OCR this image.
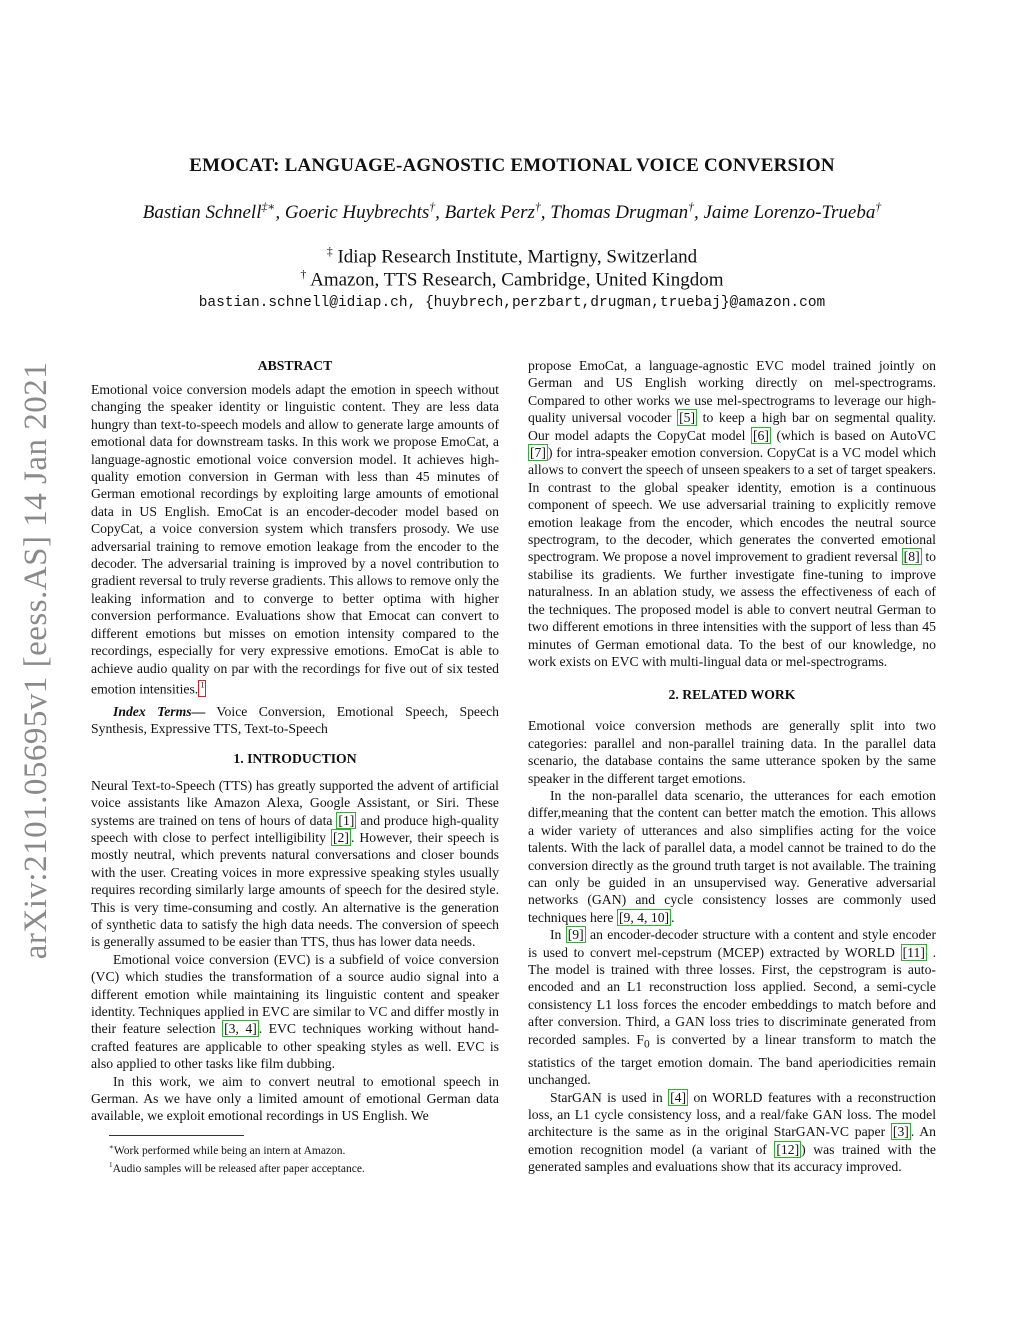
arXiv:2101.05695v1 [eess.AS] 14 Jan 2021
EMOCAT: LANGUAGE-AGNOSTIC EMOTIONAL VOICE CONVERSION
Bastian Schnell‡∗, Goeric Huybrechts†, Bartek Perz†, Thomas Drugman†, Jaime Lorenzo-Trueba†
‡ Idiap Research Institute, Martigny, Switzerland
† Amazon, TTS Research, Cambridge, United Kingdom
bastian.schnell@idiap.ch, {huybrech,perzbart,drugman,truebaj}@amazon.com
ABSTRACT

Emotional voice conversion models adapt the emotion in speech without changing the speaker identity or linguistic content. They are less data hungry than text-to-speech models and allow to generate large amounts of emotional data for downstream tasks. In this work we propose EmoCat, a language-agnostic emotional voice conversion model. It achieves high-quality emotion conversion in German with less than 45 minutes of German emotional recordings by exploiting large amounts of emotional data in US English. EmoCat is an encoder-decoder model based on CopyCat, a voice conversion system which transfers prosody. We use adversarial training to remove emotion leakage from the encoder to the decoder. The adversarial training is improved by a novel contribution to gradient reversal to truly reverse gradients. This allows to remove only the leaking information and to converge to better optima with higher conversion performance. Evaluations show that Emocat can convert to different emotions but misses on emotion intensity compared to the recordings, especially for very expressive emotions. EmoCat is able to achieve audio quality on par with the recordings for five out of six tested emotion intensities. $^1$

Index Terms— Voice Conversion, Emotional Speech, Speech Synthesis, Expressive TTS, Text-to-Speech

1. INTRODUCTION

Neural Text-to-Speech (TTS) has greatly supported the advent of artificial voice assistants like Amazon Alexa, Google Assistant, or Siri. These systems are trained on tens of hours of data [1] and produce high-quality speech with close to perfect intelligibility [2] . However, their speech is mostly neutral, which prevents natural conversations and closer bounds with the user. Creating voices in more expressive speaking styles usually requires recording similarly large amounts of speech for the desired style. This is very time-consuming and costly. An alternative is the generation of synthetic data to satisfy the high data needs. The conversion of speech is generally assumed to be easier than TTS, thus has lower data needs.

Emotional voice conversion (EVC) is a subfield of voice conversion (VC) which studies the transformation of a source audio signal into a different emotion while maintaining its linguistic content and speaker identity. Techniques applied in EVC are similar to VC and differ mostly in their feature selection [3, 4] . EVC techniques working without hand-crafted features are applicable to other speaking styles as well. EVC is also applied to other tasks like film dubbing.

In this work, we aim to convert neutral to emotional speech in German. As we have only a limited amount of emotional German data available, we exploit emotional recordings in US English. We

∗Work performed while being an intern at Amazon.
$^1$Audio samples will be released after paper acceptance.

propose EmoCat, a language-agnostic EVC model trained jointly on German and US English working directly on mel-spectrograms. Compared to other works we use mel-spectrograms to leverage our high-quality universal vocoder [5] to keep a high bar on segmental quality. Our model adapts the CopyCat model [6] (which is based on AutoVC [7] ) for intra-speaker emotion conversion. CopyCat is a VC model which allows to convert the speech of unseen speakers to a set of target speakers. In contrast to the global speaker identity, emotion is a continuous component of speech. We use adversarial training to explicitly remove emotion leakage from the encoder, which encodes the neutral source spectrogram, to the decoder, which generates the converted emotional spectrogram. We propose a novel improvement to gradient reversal [8] to stabilise its gradients. We further investigate fine-tuning to improve naturalness. In an ablation study, we assess the effectiveness of each of the techniques. The proposed model is able to convert neutral German to two different emotions in three intensities with the support of less than 45 minutes of German emotional data. To the best of our knowledge, no work exists on EVC with multi-lingual data or mel-spectrograms.

2. RELATED WORK

Emotional voice conversion methods are generally split into two categories: parallel and non-parallel training data. In the parallel data scenario, the database contains the same utterance spoken by the same speaker in the different target emotions.

In the non-parallel data scenario, the utterances for each emotion differ,meaning that the content can better match the emotion. This allows a wider variety of utterances and also simplifies acting for the voice talents. With the lack of parallel data, a model cannot be trained to do the conversion directly as the ground truth target is not available. The training can only be guided in an unsupervised way. Generative adversarial networks (GAN) and cycle consistency losses are commonly used techniques here [9, 4, 10] .

In [9] an encoder-decoder structure with a content and style encoder is used to convert mel-cepstrum (MCEP) extracted by WORLD [11] . The model is trained with three losses. First, the cepstrogram is auto-encoded and an L1 reconstruction loss applied. Second, a semi-cycle consistency L1 loss forces the encoder embeddings to match before and after conversion. Third, a GAN loss tries to discriminate generated from recorded samples. $F_0$ is converted by a linear transform to match the statistics of the target emotion domain. The band aperiodicities remain unchanged.

StarGAN is used in [4] on WORLD features with a reconstruction loss, an L1 cycle consistency loss, and a real/fake GAN loss. The model architecture is the same as in the original StarGAN-VC paper [3] . An emotion recognition model (a variant of [12] ) was trained with the generated samples and evaluations show that its accuracy improved.
